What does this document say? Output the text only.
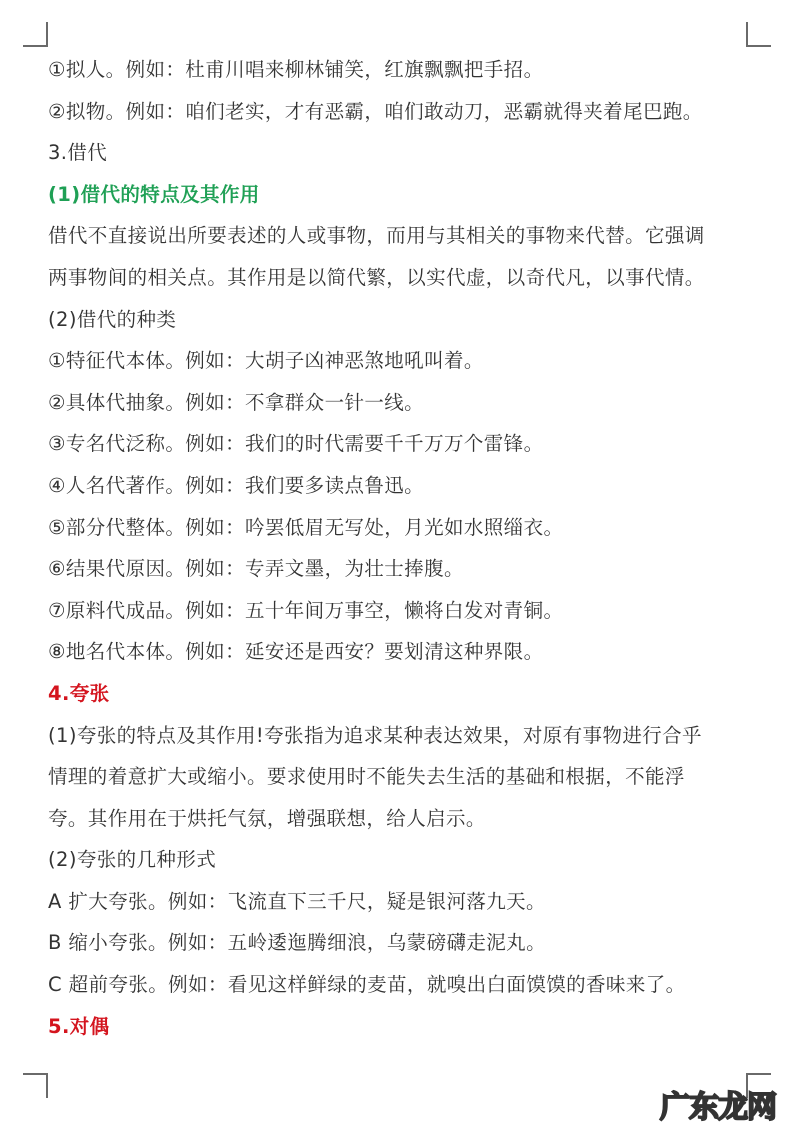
①拟人。例如：杜甫川唱来柳林铺笑，红旗飘飘把手招。
②拟物。例如：咱们老实，才有恶霸，咱们敢动刀，恶霸就得夹着尾巴跑。
3.借代
(1)借代的特点及其作用
借代不直接说出所要表述的人或事物，而用与其相关的事物来代替。它强调
两事物间的相关点。其作用是以简代繁，以实代虚，以奇代凡，以事代情。
(2)借代的种类
①特征代本体。例如：大胡子凶神恶煞地吼叫着。
②具体代抽象。例如：不拿群众一针一线。
③专名代泛称。例如：我们的时代需要千千万万个雷锋。
④人名代著作。例如：我们要多读点鲁迅。
⑤部分代整体。例如：吟罢低眉无写处，月光如水照缁衣。
⑥结果代原因。例如：专弄文墨，为壮士捧腹。
⑦原料代成品。例如：五十年间万事空，懒将白发对青铜。
⑧地名代本体。例如：延安还是西安？要划清这种界限。
4.夸张
(1)夸张的特点及其作用!夸张指为追求某种表达效果，对原有事物进行合乎
情理的着意扩大或缩小。要求使用时不能失去生活的基础和根据，不能浮
夸。其作用在于烘托气氛，增强联想，给人启示。
(2)夸张的几种形式
A 扩大夸张。例如：飞流直下三千尺，疑是银河落九天。
B 缩小夸张。例如：五岭逶迤腾细浪，乌蒙磅礴走泥丸。
C 超前夸张。例如：看见这样鲜绿的麦苗，就嗅出白面馍馍的香味来了。
5.对偶
广东龙网
